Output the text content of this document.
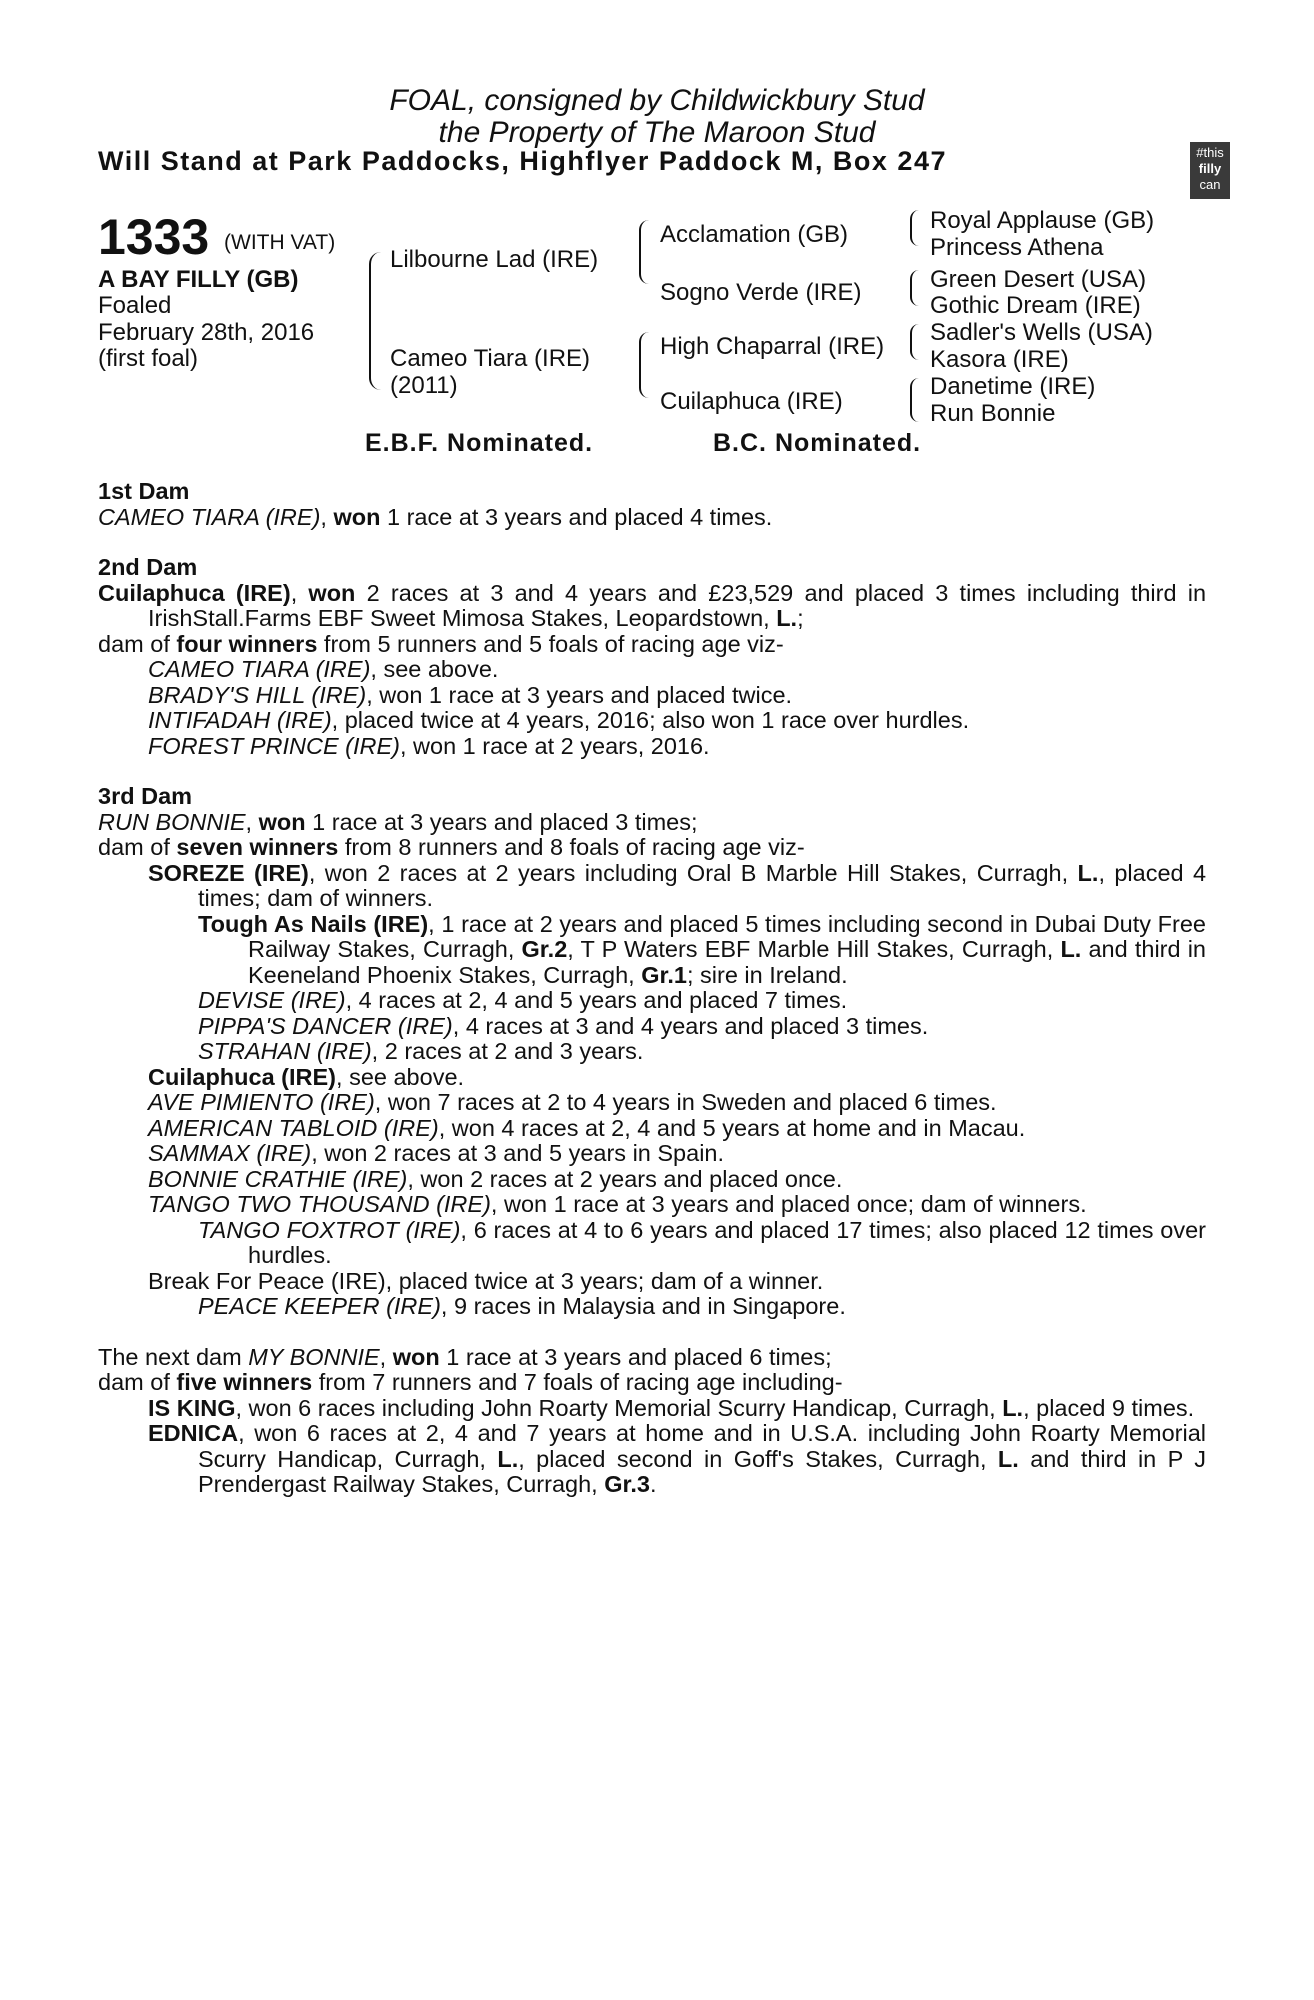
FOAL, consigned by Childwickbury Stud
the Property of The Maroon Stud
Will Stand at Park Paddocks, Highflyer Paddock M, Box 247	#this
filly
can
1333 (WITH VAT)
A BAY FILLY (GB)
Foaled
February 28th, 2016
(first foal)
Lilbourne Lad (IRE)
Cameo Tiara (IRE)
(2011)
Acclamation (GB)
Sogno Verde (IRE)
High Chaparral (IRE)
Cuilaphuca (IRE)
Royal Applause (GB)
Princess Athena
Green Desert (USA)
Gothic Dream (IRE)
Sadler's Wells (USA)
Kasora (IRE)
Danetime (IRE)
Run Bonnie
E.B.F. Nominated.	B.C. Nominated.

1st Dam

CAMEO TIARA (IRE), won 1 race at 3 years and placed 4 times.

2nd Dam

Cuilaphuca (IRE), won 2 races at 3 and 4 years and £23,529 and placed 3 times including third in IrishStall.Farms EBF Sweet Mimosa Stakes, Leopardstown, L.;

dam of four winners from 5 runners and 5 foals of racing age viz-

CAMEO TIARA (IRE), see above.

BRADY'S HILL (IRE), won 1 race at 3 years and placed twice.

INTIFADAH (IRE), placed twice at 4 years, 2016; also won 1 race over hurdles.

FOREST PRINCE (IRE), won 1 race at 2 years, 2016.

3rd Dam

RUN BONNIE, won 1 race at 3 years and placed 3 times;

dam of seven winners from 8 runners and 8 foals of racing age viz-

SOREZE (IRE), won 2 races at 2 years including Oral B Marble Hill Stakes, Curragh, L., placed 4 times; dam of winners.

Tough As Nails (IRE), 1 race at 2 years and placed 5 times including second in Dubai Duty Free Railway Stakes, Curragh, Gr.2, T P Waters EBF Marble Hill Stakes, Curragh, L. and third in Keeneland Phoenix Stakes, Curragh, Gr.1; sire in Ireland.

DEVISE (IRE), 4 races at 2, 4 and 5 years and placed 7 times.

PIPPA'S DANCER (IRE), 4 races at 3 and 4 years and placed 3 times.

STRAHAN (IRE), 2 races at 2 and 3 years.

Cuilaphuca (IRE), see above.

AVE PIMIENTO (IRE), won 7 races at 2 to 4 years in Sweden and placed 6 times.

AMERICAN TABLOID (IRE), won 4 races at 2, 4 and 5 years at home and in Macau.

SAMMAX (IRE), won 2 races at 3 and 5 years in Spain.

BONNIE CRATHIE (IRE), won 2 races at 2 years and placed once.

TANGO TWO THOUSAND (IRE), won 1 race at 3 years and placed once; dam of winners.

TANGO FOXTROT (IRE), 6 races at 4 to 6 years and placed 17 times; also placed 12 times over hurdles.

Break For Peace (IRE), placed twice at 3 years; dam of a winner.

PEACE KEEPER (IRE), 9 races in Malaysia and in Singapore.

The next dam MY BONNIE, won 1 race at 3 years and placed 6 times;

dam of five winners from 7 runners and 7 foals of racing age including-

IS KING, won 6 races including John Roarty Memorial Scurry Handicap, Curragh, L., placed 9 times.

EDNICA, won 6 races at 2, 4 and 7 years at home and in U.S.A. including John Roarty Memorial Scurry Handicap, Curragh, L., placed second in Goff's Stakes, Curragh, L. and third in P J Prendergast Railway Stakes, Curragh, Gr.3.
